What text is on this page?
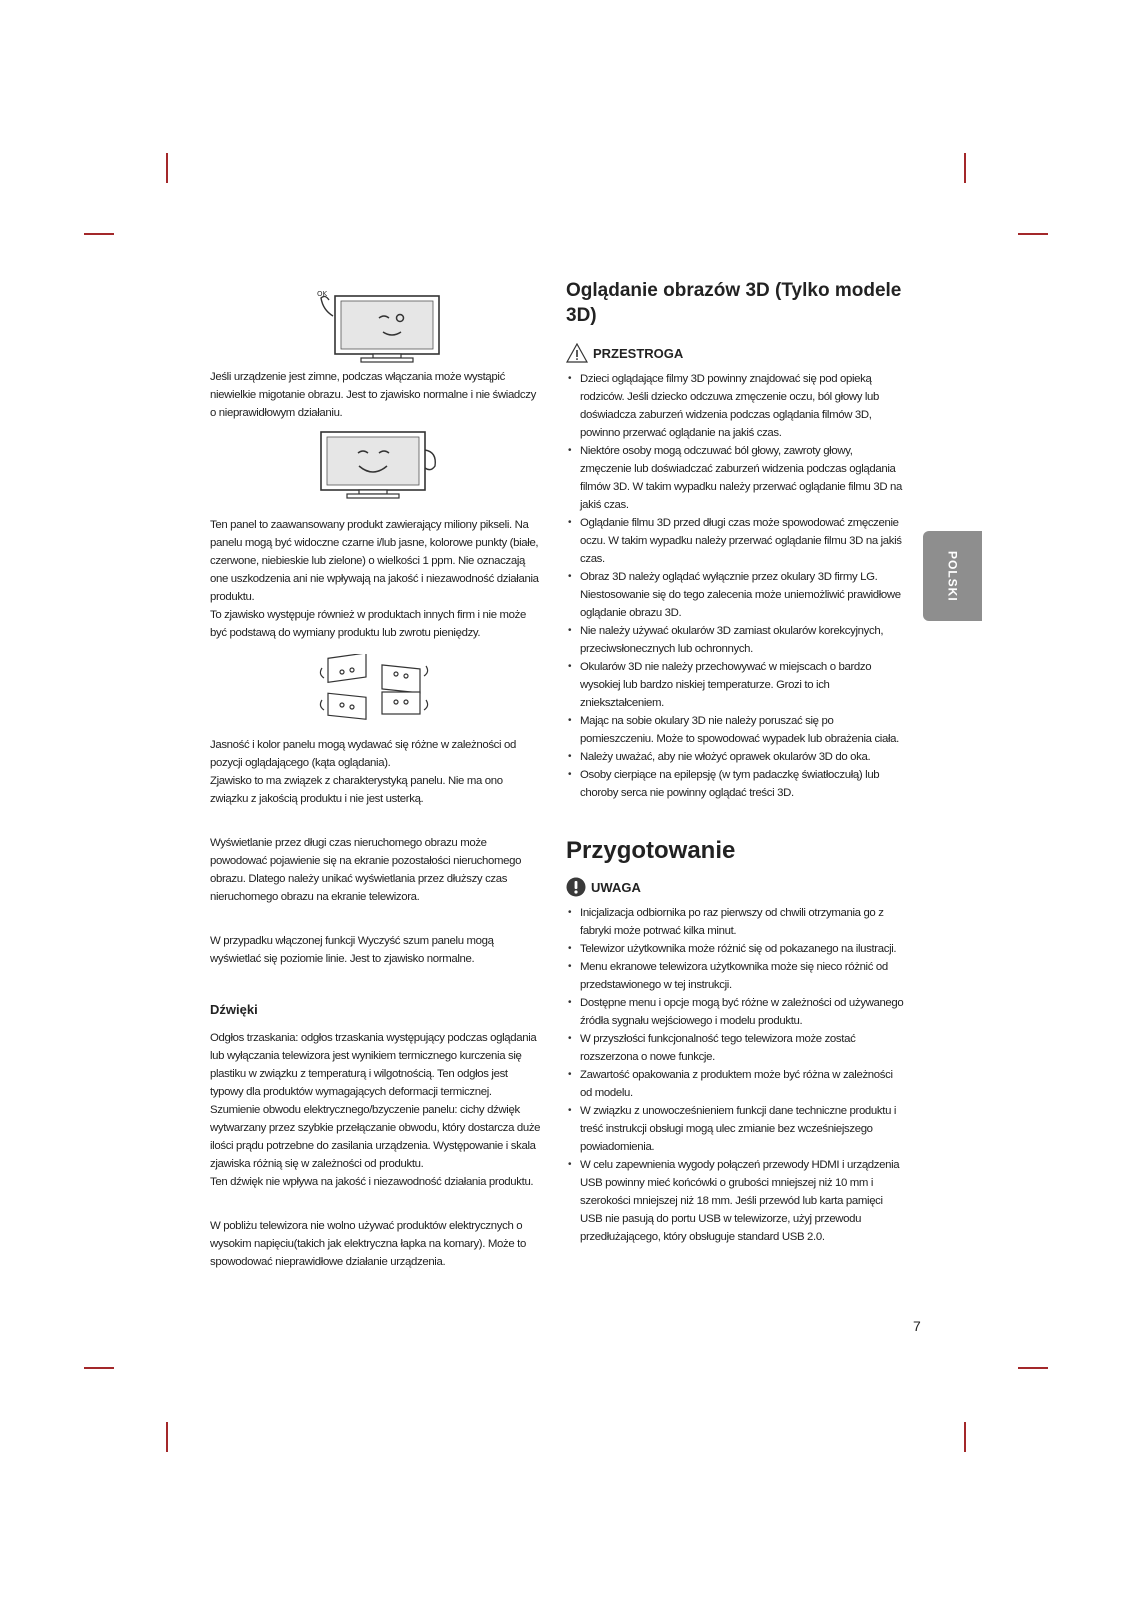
OK

Jeśli urządzenie jest zimne, podczas włączania może wystąpić niewielkie migotanie obrazu. Jest to zjawisko normalne i nie świadczy o nieprawidłowym działaniu.

Ten panel to zaawansowany produkt zawierający miliony pikseli. Na panelu mogą być widoczne czarne i/lub jasne, kolorowe punkty (białe, czerwone, niebieskie lub zielone) o wielkości 1 ppm. Nie oznaczają one uszkodzenia ani nie wpływają na jakość i niezawodność działania produktu.

To zjawisko występuje również w produktach innych firm i nie może być podstawą do wymiany produktu lub zwrotu pieniędzy.

Jasność i kolor panelu mogą wydawać się różne w zależności od pozycji oglądającego (kąta oglądania).

Zjawisko to ma związek z charakterystyką panelu. Nie ma ono związku z jakością produktu i nie jest usterką.

Wyświetlanie przez długi czas nieruchomego obrazu może powodować pojawienie się na ekranie pozostałości nieruchomego obrazu. Dlatego należy unikać wyświetlania przez dłuższy czas nieruchomego obrazu na ekranie telewizora.

W przypadku włączonej funkcji Wyczyść szum panelu mogą wyświetlać się poziomie linie. Jest to zjawisko normalne.

Dźwięki

Odgłos trzaskania: odgłos trzaskania występujący podczas oglądania lub wyłączania telewizora jest wynikiem termicznego kurczenia się plastiku w związku z temperaturą i wilgotnością. Ten odgłos jest typowy dla produktów wymagających deformacji termicznej.

Szumienie obwodu elektrycznego/bzyczenie panelu: cichy dźwięk wytwarzany przez szybkie przełączanie obwodu, który dostarcza duże ilości prądu potrzebne do zasilania urządzenia. Występowanie i skala zjawiska różnią się w zależności od produktu.

Ten dźwięk nie wpływa na jakość i niezawodność działania produktu.

W pobliżu telewizora nie wolno używać produktów elektrycznych o wysokim napięciu(takich jak elektryczna łapka na komary). Może to spowodować nieprawidłowe działanie urządzenia.

Oglądanie obrazów 3D (Tylko modele 3D)
PRZESTROGA
• Dzieci oglądające filmy 3D powinny znajdować się pod opieką rodziców. Jeśli dziecko odczuwa zmęczenie oczu, ból głowy lub doświadcza zaburzeń widzenia podczas oglądania filmów 3D, powinno przerwać oglądanie na jakiś czas.
• Niektóre osoby mogą odczuwać ból głowy, zawroty głowy, zmęczenie lub doświadczać zaburzeń widzenia podczas oglądania filmów 3D. W takim wypadku należy przerwać oglądanie filmu 3D na jakiś czas.
• Oglądanie filmu 3D przed długi czas może spowodować zmęczenie oczu. W takim wypadku należy przerwać oglądanie filmu 3D na jakiś czas.
• Obraz 3D należy oglądać wyłącznie przez okulary 3D firmy LG. Niestosowanie się do tego zalecenia może uniemożliwić prawidłowe oglądanie obrazu 3D.
• Nie należy używać okularów 3D zamiast okularów korekcyjnych, przeciwsłonecznych lub ochronnych.
• Okularów 3D nie należy przechowywać w miejscach o bardzo wysokiej lub bardzo niskiej temperaturze. Grozi to ich zniekształceniem.
• Mając na sobie okulary 3D nie należy poruszać się po pomieszczeniu. Może to spowodować wypadek lub obrażenia ciała.
• Należy uważać, aby nie włożyć oprawek okularów 3D do oka.
• Osoby cierpiące na epilepsję (w tym padaczkę światłoczułą) lub choroby serca nie powinny oglądać treści 3D.
Przygotowanie
UWAGA
• Inicjalizacja odbiornika po raz pierwszy od chwili otrzymania go z fabryki może potrwać kilka minut.
• Telewizor użytkownika może różnić się od pokazanego na ilustracji.
• Menu ekranowe telewizora użytkownika może się nieco różnić od przedstawionego w tej instrukcji.
• Dostępne menu i opcje mogą być różne w zależności od używanego źródła sygnału wejściowego i modelu produktu.
• W przyszłości funkcjonalność tego telewizora może zostać rozszerzona o nowe funkcje.
• Zawartość opakowania z produktem może być różna w zależności od modelu.
• W związku z unowocześnieniem funkcji dane techniczne produktu i treść instrukcji obsługi mogą ulec zmianie bez wcześniejszego powiadomienia.
• W celu zapewnienia wygody połączeń przewody HDMI i urządzenia USB powinny mieć końcówki o grubości mniejszej niż 10 mm i szerokości mniejszej niż 18 mm. Jeśli przewód lub karta pamięci USB nie pasują do portu USB w telewizorze, użyj przewodu przedłużającego, który obsługuje standard USB 2.0.
POLSKI
7
